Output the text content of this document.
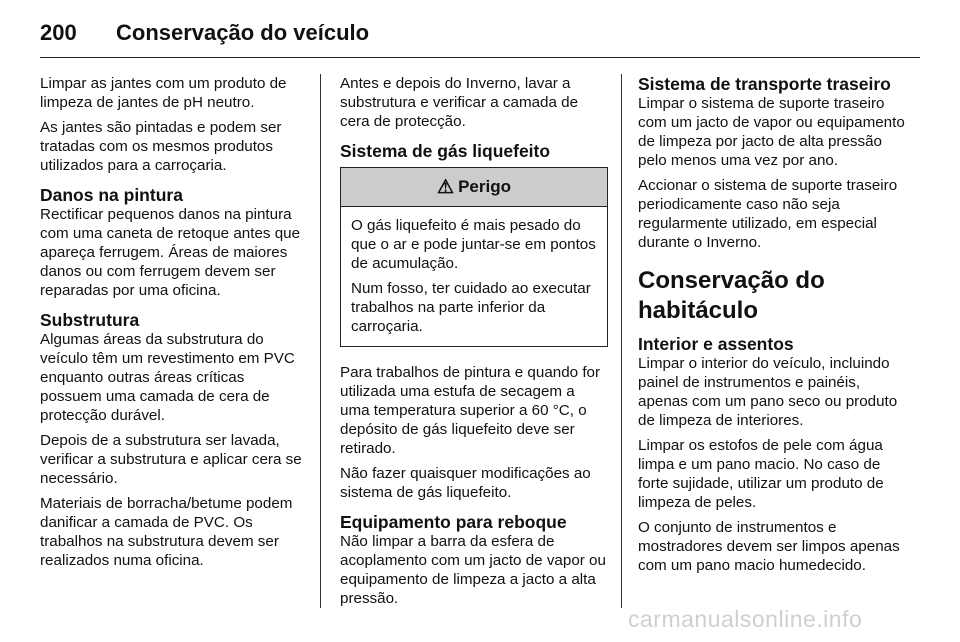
200	Conservação do veículo

Limpar as jantes com um produto de limpeza de jantes de pH neutro.

As jantes são pintadas e podem ser tratadas com os mesmos produtos utilizados para a carroçaria.

Danos na pintura

Rectificar pequenos danos na pintura com uma caneta de retoque antes que apareça ferrugem. Áreas de maiores danos ou com ferrugem devem ser reparadas por uma oficina.

Substrutura

Algumas áreas da substrutura do veículo têm um revestimento em PVC enquanto outras áreas críticas possuem uma camada de cera de protecção durável.

Depois de a substrutura ser lavada, verificar a substrutura e aplicar cera se necessário.

Materiais de borracha/betume podem danificar a camada de PVC. Os trabalhos na substrutura devem ser realizados numa oficina.

Antes e depois do Inverno, lavar a substrutura e verificar a camada de cera de protecção.

Sistema de gás liquefeito
⚠ Perigo

O gás liquefeito é mais pesado do que o ar e pode juntar-se em pontos de acumulação.

Num fosso, ter cuidado ao executar trabalhos na parte inferior da carroçaria.

Para trabalhos de pintura e quando for utilizada uma estufa de secagem a uma temperatura superior a 60 °C, o depósito de gás liquefeito deve ser retirado.

Não fazer quaisquer modificações ao sistema de gás liquefeito.

Equipamento para reboque

Não limpar a barra da esfera de acoplamento com um jacto de vapor ou equipamento de limpeza a jacto a alta pressão.

Sistema de transporte traseiro

Limpar o sistema de suporte traseiro com um jacto de vapor ou equipamento de limpeza por jacto de alta pressão pelo menos uma vez por ano.

Accionar o sistema de suporte traseiro periodicamente caso não seja regularmente utilizado, em especial durante o Inverno.

Conservação do habitáculo
Interior e assentos

Limpar o interior do veículo, incluindo painel de instrumentos e painéis, apenas com um pano seco ou produto de limpeza de interiores.

Limpar os estofos de pele com água limpa e um pano macio. No caso de forte sujidade, utilizar um produto de limpeza de peles.

O conjunto de instrumentos e mostradores devem ser limpos apenas com um pano macio humedecido.

carmanualsonline.info
